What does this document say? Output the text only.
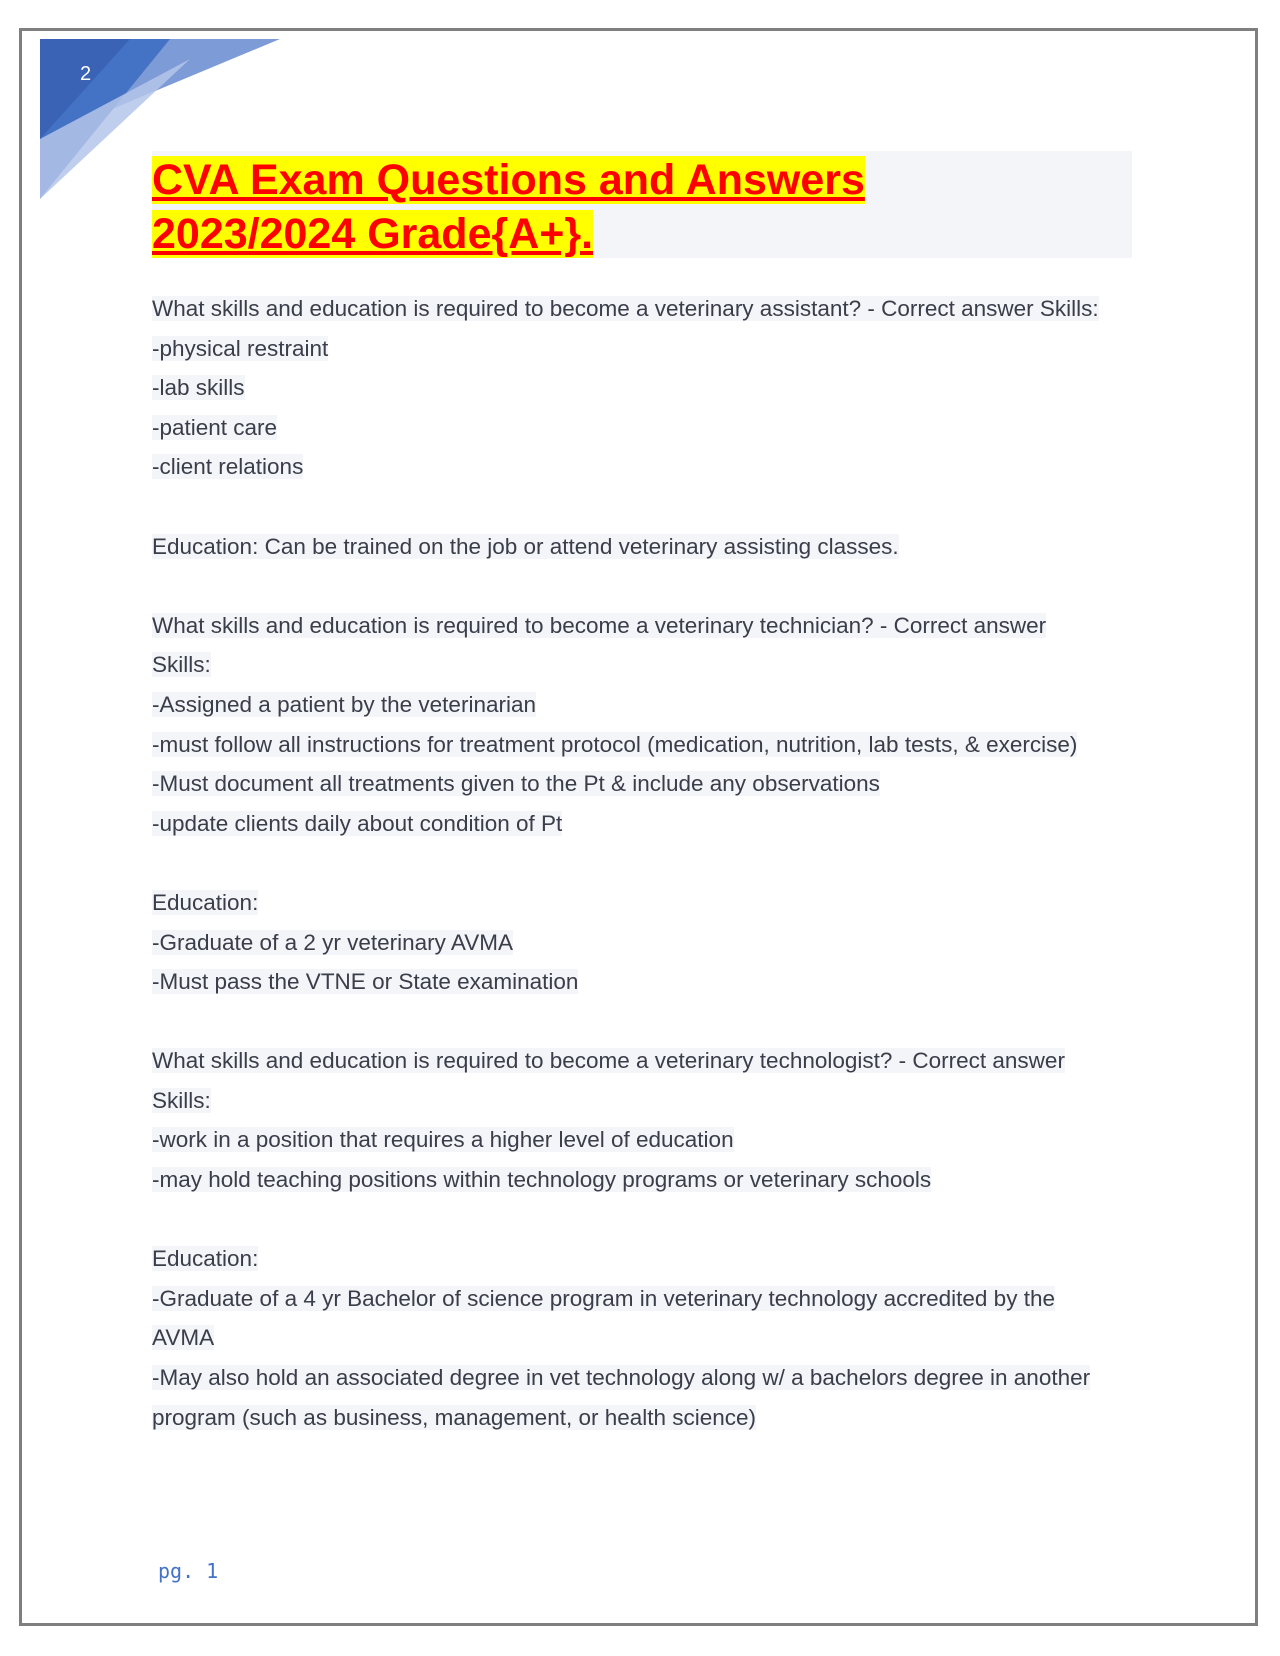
2
CVA Exam Questions and Answers
2023/2024 Grade{A+}.
What skills and education is required to become a veterinary assistant? - Correct answer Skills:
-physical restraint
-lab skills
-patient care
-client relations
Education: Can be trained on the job or attend veterinary assisting classes.
What skills and education is required to become a veterinary technician? - Correct answer
Skills:
-Assigned a patient by the veterinarian
-must follow all instructions for treatment protocol (medication, nutrition, lab tests, & exercise)
-Must document all treatments given to the Pt & include any observations
-update clients daily about condition of Pt
Education:
-Graduate of a 2 yr veterinary AVMA
-Must pass the VTNE or State examination
What skills and education is required to become a veterinary technologist? - Correct answer
Skills:
-work in a position that requires a higher level of education
-may hold teaching positions within technology programs or veterinary schools
Education:
-Graduate of a 4 yr Bachelor of science program in veterinary technology accredited by the
AVMA
-May also hold an associated degree in vet technology along w/ a bachelors degree in another
program (such as business, management, or health science)
pg. 1
